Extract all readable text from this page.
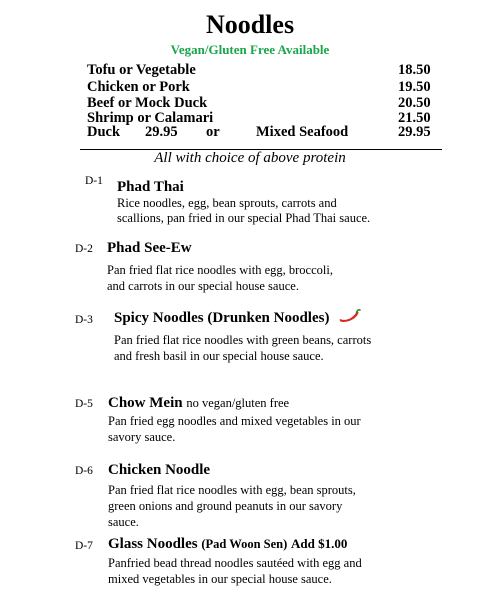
Noodles
Vegan/Gluten Free Available
Tofu or Vegetable	18.50
Chicken or Pork	19.50
Beef or Mock Duck	20.50
Shrimp or Calamari	21.50
Duck 29.95 or	Mixed Seafood	29.95
All with choice of above protein
D-1 Phad Thai
Rice noodles, egg, bean sprouts, carrots and
scallions, pan fried in our special Phad Thai sauce.
D-2 Phad See-Ew
Pan fried flat rice noodles with egg, broccoli,
and carrots in our special house sauce.
D-3 Spicy Noodles (Drunken Noodles)
Pan fried flat rice noodles with green beans, carrots
and fresh basil in our special house sauce.
D-5 Chow Mein no vegan/gluten free
Pan fried egg noodles and mixed vegetables in our
savory sauce.
D-6 Chicken Noodle
Pan fried flat rice noodles with egg, bean sprouts,
green onions and ground peanuts in our savory
sauce.
D-7 Glass Noodles (Pad Woon Sen) Add $1.00
Panfried bead thread noodles sautéed with egg and
mixed vegetables in our special house sauce.
